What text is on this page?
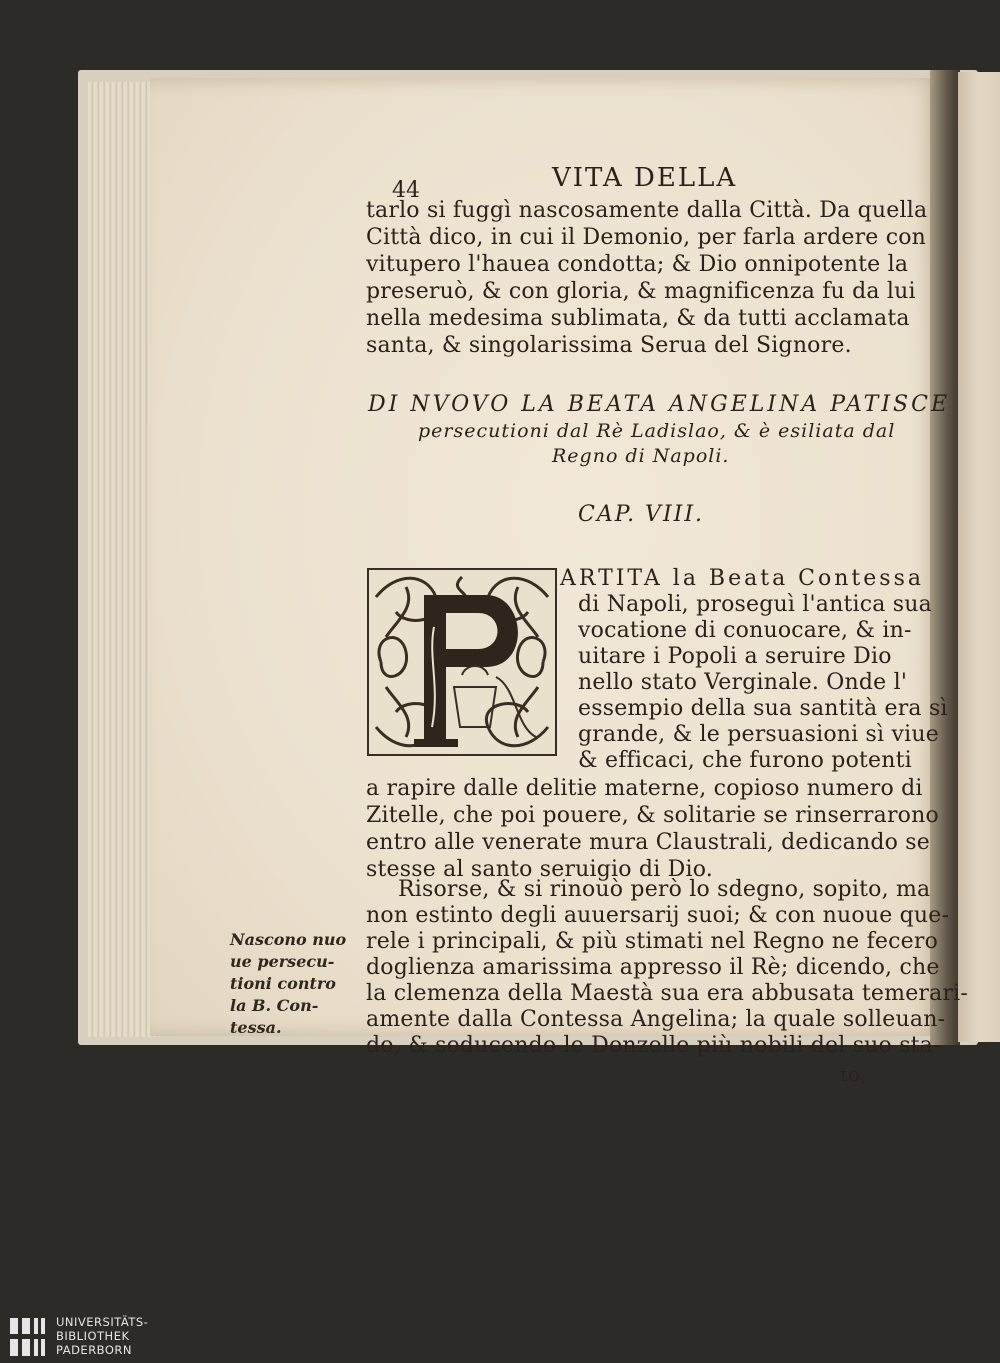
44	VITA DELLA
tarlo si fuggì nascosamente dalla Città. Da quella
Città dico, in cui il Demonio, per farla ardere con
vitupero l'hauea condotta; & Dio onnipotente la
preseruò, & con gloria, & magnificenza fu da lui
nella medesima sublimata, & da tutti acclamata
santa, & singolarissima Serua del Signore.
DI NVOVO LA BEATA ANGELINA PATISCE
persecutioni dal Rè Ladislao, & è esiliata dal
Regno di Napoli.
CAP. VIII.
ARTITA la Beata Contessa
di Napoli, proseguì l'antica sua
vocatione di conuocare, & in-
uitare i Popoli a seruire Dio
nello stato Verginale. Onde l'
essempio della sua santità era sì
grande, & le persuasioni sì viue
& efficaci, che furono potenti
a rapire dalle delitie materne, copioso numero di
Zitelle, che poi pouere, & solitarie se rinserrarono
entro alle venerate mura Claustrali, dedicando se
stesse al santo seruigio di Dio.
Risorse, & si rinouò però lo sdegno, sopito, ma
non estinto degli auuersarij suoi; & con nuoue que-
rele i principali, & più stimati nel Regno ne fecero
doglienza amarissima appresso il Rè; dicendo, che
la clemenza della Maestà sua era abbusata temerari-
amente dalla Contessa Angelina; la quale solleuan-
do, & seducendo le Donzelle più nobili del suo sta-
to,
Nascono nuo
ue persecu-
tioni contro
la B. Con-
tessa.
UNIVERSITÄTS-
BIBLIOTHEK
PADERBORN
